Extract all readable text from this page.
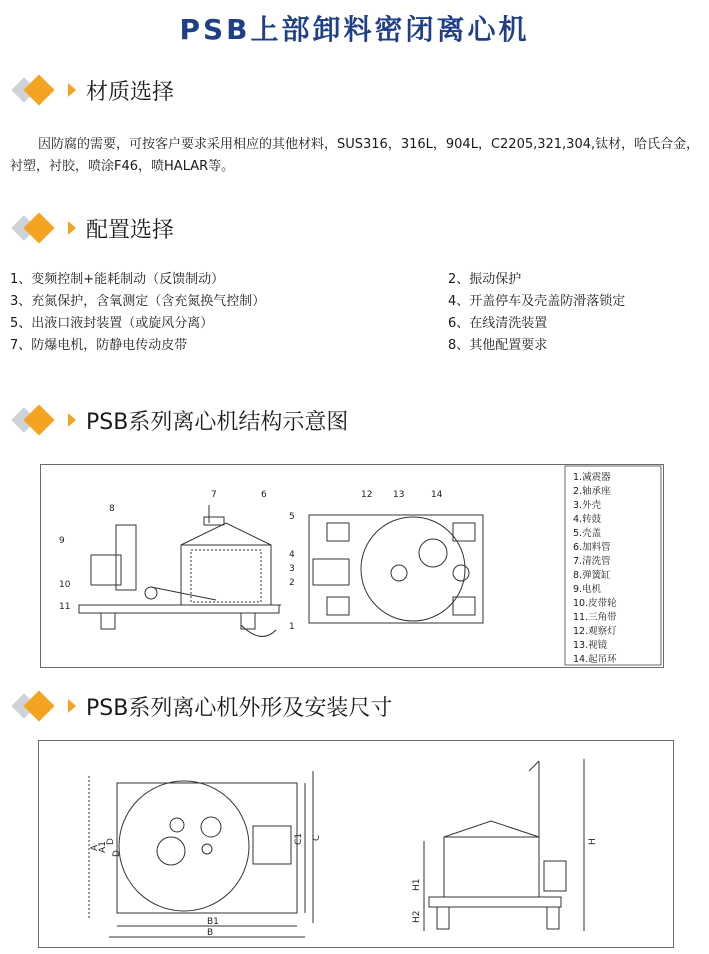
PSB上部卸料密闭离心机
材质选择
因防腐的需要，可按客户要求采用相应的其他材料，SUS316，316L，904L，C2205,321,304,钛材，哈氏合金，衬塑，衬胶，喷涂F46，喷HALAR等。
配置选择
1、变频控制+能耗制动（反馈制动）	2、振动保护
3、充氮保护，含氧测定（含充氮换气控制）	4、开盖停车及壳盖防滑落锁定
5、出液口液封装置（或旋风分离）	6、在线清洗装置
7、防爆电机，防静电传动皮带	8、其他配置要求
PSB系列离心机结构示意图
1
2
3
4
5
6
7
8
9
10
11
12 13	14
1.减震器
2.轴承座
3.外壳
4.转鼓
5.壳盖
6.加料管
7.清洗管
8.弹簧缸
9.电机
10.皮带轮
11.三角带
12.观察灯
13.视镜
14.起吊环
PSB系列离心机外形及安装尺寸
A
A1
D
D
B1
B
C1 C
H
H1
H2
